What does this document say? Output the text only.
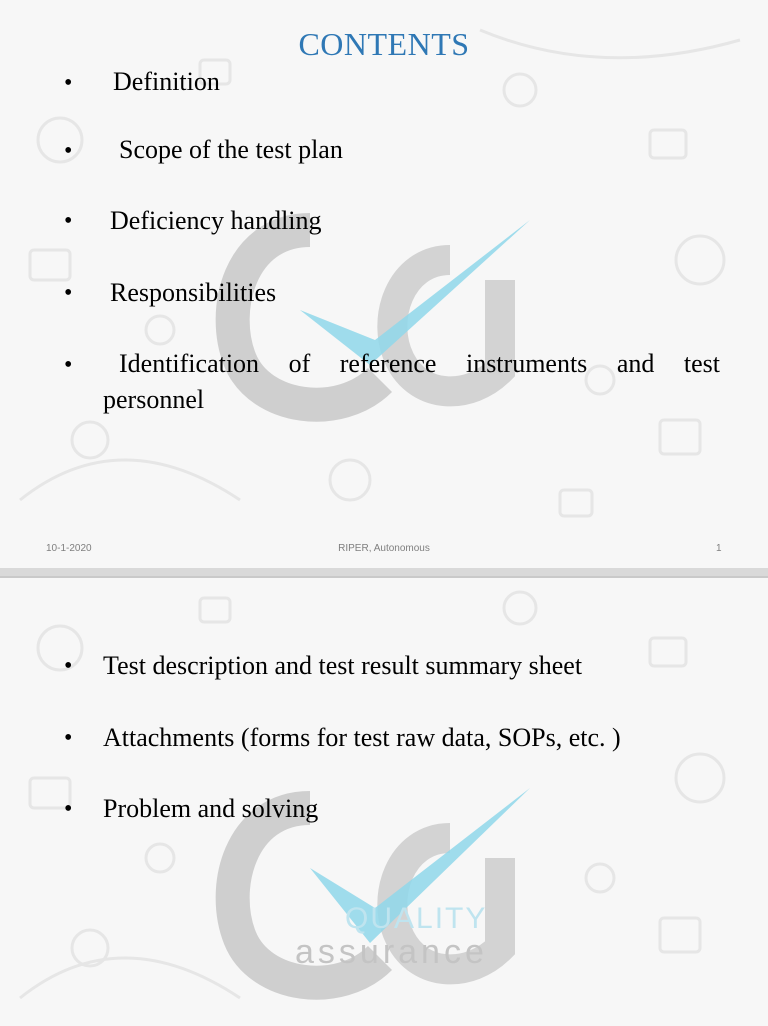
CONTENTS
• Definition
• Scope of the test plan
• Deficiency handling
• Responsibilities
• Identification of reference instruments and test
personnel
10-1-2020	RIPER, Autonomous	1
QUALITY
assurance
• Test description and test result summary sheet
• Attachments (forms for test raw data, SOPs, etc. )
• Problem and solving
